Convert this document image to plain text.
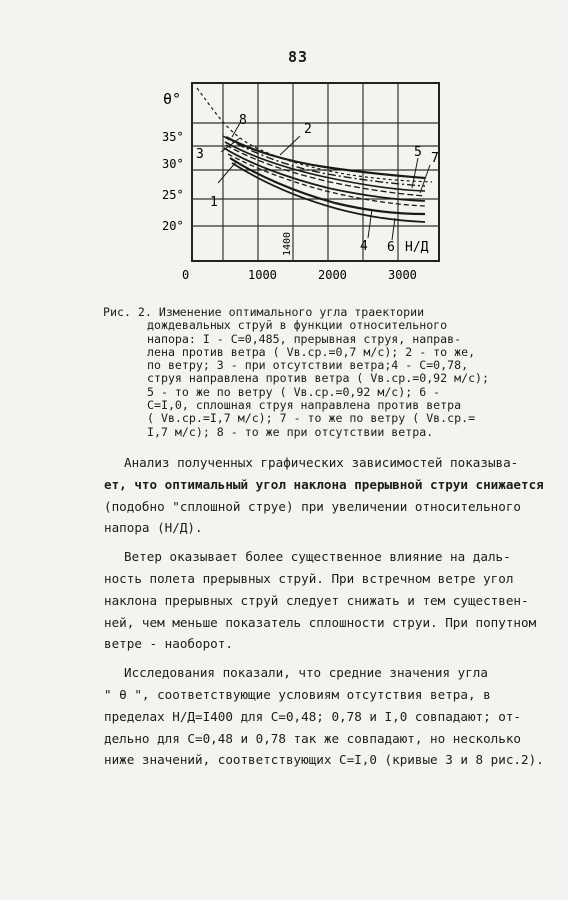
83
θ°
Н/Д
35°
30°
25°
20°
0	1000	2000	3000
1400
1
2
3
4
5
6
7
8
Рис. 2. Изменение оптимального угла траектории
дождевальных струй в функции относительного
напора: I - С=0,485, прерывная струя, направ-
лена против ветра ( Vв.ср.=0,7 м/с); 2 - то же,
по ветру; 3 - при отсутствии ветра;4 - С=0,78,
струя направлена против ветра ( Vв.ср.=0,92 м/с);
5 - то же по ветру ( Vв.ср.=0,92 м/с); 6 -
С=I,0, сплошная струя направлена против ветра
( Vв.ср.=I,7 м/с); 7 - то же по ветру ( Vв.ср.=
I,7 м/с); 8 - то же при отсутствии ветра.
Анализ полученных графических зависимостей показыва-
ет, что оптимальный угол наклона прерывной струи снижается
(подобно "сплошной струе) при увеличении относительного
напора (Н/Д).
Ветер оказывает более существенное влияние на даль-
ность полета прерывных струй. При встречном ветре угол
наклона прерывных струй следует снижать и тем существен-
ней, чем меньше показатель сплошности струи. При попутном
ветре - наоборот.
Исследования показали, что средние значения угла
" θ ", соответствующие условиям отсутствия ветра, в
пределах Н/Д=I400 для С=0,48; 0,78 и I,0 совпадают; от-
дельно для С=0,48 и 0,78 так же совпадают, но несколько
ниже значений, соответствующих С=I,0 (кривые 3 и 8 рис.2).
